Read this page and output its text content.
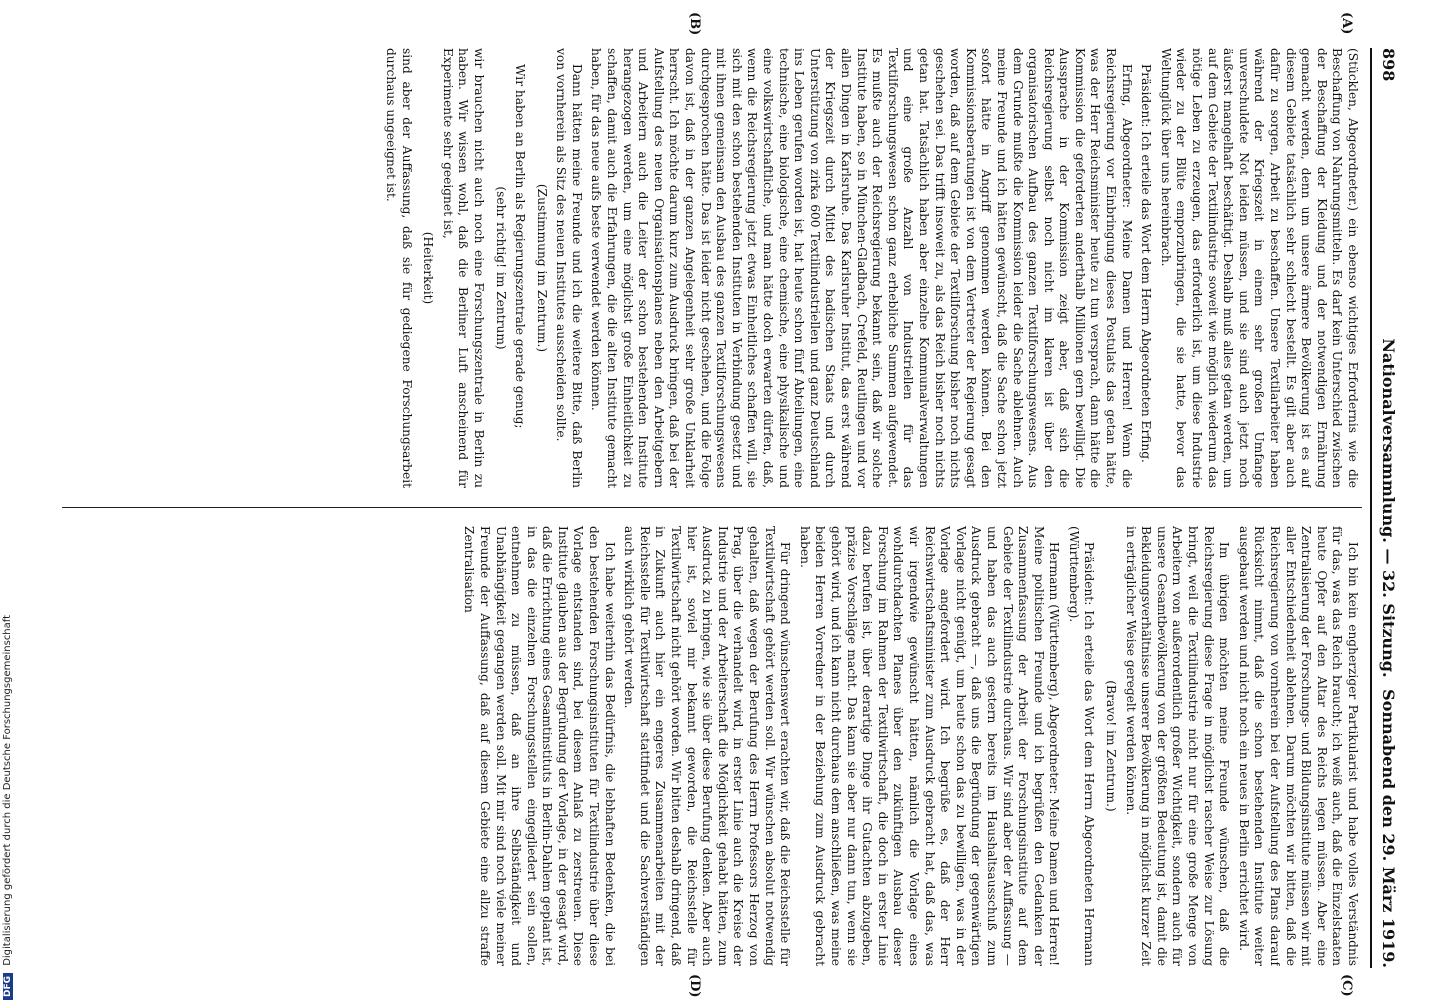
DFG Digitalisierung gefördert durch die Deutsche Forschungsgemeinschaft
898
Nationalversammlung. — 32. Sitzung.
Sonnabend den 29. März 1919.
(A)
(B)
(C)
(D)

(Stücklen, Abgeordneter.) ein ebenso wichtiges Erfordernis wie die Beschaffung von Nahrungsmitteln. Es darf kein Unterschied zwischen der Beschaffung der Kleidung und der notwendigen Ernährung gemacht werden, denn um unsere ärmere Bevölkerung ist es auf diesem Gebiete tatsächlich sehr schlecht bestellt. Es gilt aber auch dafür zu sorgen, Arbeit zu beschaffen. Unsere Textilarbeiter haben während der Kriegszeit in einem sehr großen Umfange unverschuldete Not leiden müssen, und sie sind auch jetzt noch äußerst mangelhaft beschäftigt. Deshalb muß alles getan werden, um auf dem Gebiete der Textilindustrie soweit wie möglich wiederum das nötige Leben zu erzeugen, das erforderlich ist, um diese Industrie wieder zu der Blüte emporzubringen, die sie hatte, bevor das Weltunglück über uns hereinbrach.

Präsident: Ich erteile das Wort dem Herrn Abgeordneten Erfing.

Erfing, Abgeordneter: Meine Damen und Herren! Wenn die Reichsregierung vor Einbringung dieses Postulats das getan hätte, was der Herr Reichsminister heute zu tun versprach, dann hätte die Kommission die geforderten anderthalb Millionen gern bewilligt. Die Aussprache in der Kommission zeigt aber, daß sich die Reichsregierung selbst noch nicht im klaren ist über den organisatorischen Aufbau des ganzen Textilforschungswesens. Aus dem Grunde mußte die Kommission leider die Sache ablehnen. Auch meine Freunde und ich hätten gewünscht, daß die Sache schon jetzt sofort hätte in Angriff genommen werden können. Bei den Kommissionsberatungen ist von dem Vertreter der Regierung gesagt worden, daß auf dem Gebiete der Textilforschung bisher noch nichts geschehen sei. Das trifft insoweit zu, als das Reich bisher noch nichts getan hat. Tatsächlich haben aber einzelne Kommunalverwaltungen und eine große Anzahl von Industriellen für das Textilforschungswesen schon ganz erhebliche Summen aufgewendet. Es mußte auch der Reichsregierung bekannt sein, daß wir solche Institute haben, so in München-Gladbach, Crefeld, Reutlingen und vor allen Dingen in Karlsruhe. Das Karlsruher Institut, das erst während der Kriegszeit durch Mittel des badischen Staats und durch Unterstützung von zirka 600 Textilindustriellen und ganz Deutschland ins Leben gerufen worden ist, hat heute schon fünf Abteilungen, eine technische, eine biologische, eine chemische, eine physikalische und eine volkswirtschaftliche, und man hätte doch erwarten dürfen, daß, wenn die Reichsregierung jetzt etwas Einheitliches schaffen will, sie sich mit den schon bestehenden Instituten in Verbindung gesetzt und mit ihnen gemeinsam den Ausbau des ganzen Textilforschungswesens durchgesprochen hätte. Das ist leider nicht geschehen, und die Folge davon ist, daß in der ganzen Angelegenheit sehr große Unklarheit herrscht. Ich möchte darum kurz zum Ausdruck bringen, daß bei der Aufstellung des neuen Organisationsplanes neben den Arbeitgebern und Arbeitern auch die Leiter der schon bestehenden Institute herangezogen werden, um eine möglichst große Einheitlichkeit zu schaffen, damit auch die Erfahrungen, die die alten Institute gemacht haben, für das neue aufs beste verwendet werden können.

Dann hätten meine Freunde und ich die weitere Bitte, daß Berlin von vornherein als Sitz des neuen Institutes ausscheiden sollte.

(Zustimmung im Zentrum.)

Wir haben an Berlin als Regierungszentrale gerade genug;

(sehr richtig! im Zentrum)

wir brauchen nicht auch noch eine Forschungszentrale in Berlin zu haben. Wir wissen wohl, daß die Berliner Luft anscheinend für Experimente sehr geeignet ist,

(Heiterkeit)

sind aber der Auffassung, daß sie für gediegene Forschungsarbeit durchaus ungeeignet ist.

Ich bin kein engherziger Partikularist und habe volles Verständnis für das, was das Reich braucht; ich weiß auch, daß die Einzelstaaten heute Opfer auf den Altar des Reichs legen müssen. Aber eine Zentralisierung der Forschungs- und Bildungsinstitute müssen wir mit aller Entschiedenheit ablehnen. Darum möchten wir bitten, daß die Reichsregierung von vornherein bei der Aufstellung des Plans darauf Rücksicht nimmt, daß die schon bestehenden Institute weiter ausgebaut werden und nicht noch ein neues in Berlin errichtet wird.

Im übrigen möchten meine Freunde wünschen, daß die Reichsregierung diese Frage in möglichst rascher Weise zur Lösung bringt, weil die Textilindustrie nicht nur für eine große Menge von Arbeitern von außerordentlich großer Wichtigkeit, sondern auch für unsere Gesamtbevölkerung von der größten Bedeutung ist, damit die Bekleidungsverhältnisse unserer Bevölkerung in möglichst kurzer Zeit in erträglicher Weise geregelt werden können.

(Bravo! im Zentrum.)

Präsident: Ich erteile das Wort dem Herrn Abgeordneten Hermann (Württemberg).

Hermann (Württemberg), Abgeordneter: Meine Damen und Herren! Meine politischen Freunde und ich begrüßen den Gedanken der Zusammenfassung der Arbeit der Forschungsinstitute auf dem Gebiete der Textilindustrie durchaus. Wir sind aber der Auffassung — und haben das auch gestern bereits im Haushaltsausschuß zum Ausdruck gebracht —, daß uns die Begründung der gegenwärtigen Vorlage nicht genügt, um heute schon das zu bewilligen, was in der Vorlage angefordert wird. Ich begrüße es, daß der Herr Reichswirtschaftsminister zum Ausdruck gebracht hat, daß das, was wir irgendwie gewünscht hätten, nämlich die Vorlage eines wohldurchdachten Planes über den zukünftigen Ausbau dieser Forschung im Rahmen der Textilwirtschaft, die doch in erster Linie dazu berufen ist, über derartige Dinge ihr Gutachten abzugeben, präzise Vorschläge macht. Das kann sie aber nur dann tun, wenn sie gehört wird, und ich kann nicht durchaus dem anschließen, was meine beiden Herren Vorredner in der Beziehung zum Ausdruck gebracht haben.

Für dringend wünschenswert erachten wir, daß die Reichsstelle für Textilwirtschaft gehört werden soll. Wir wünschen absolut notwendig gehalten, daß wegen der Berufung des Herrn Professors Herzog von Prag, über die verhandelt wird, in erster Linie auch die Kreise der Industrie und der Arbeiterschaft die Möglichkeit gehabt hätten, zum Ausdruck zu bringen, wie sie über diese Berufung denken. Aber auch hier ist, soviel mir bekannt geworden, die Reichsstelle für Textilwirtschaft nicht gehört worden. Wir bitten deshalb dringend, daß in Zukunft auch hier ein engeres Zusammenarbeiten mit der Reichsstelle für Textilwirtschaft stattfindet und die Sachverständigen auch wirklich gehört werden.

Ich habe weiterhin das Bedürfnis, die lebhaften Bedenken, die bei den bestehenden Forschungsinstituten für Textilindustrie über diese Vorlage entstanden sind, bei diesem Anlaß zu zerstreuen. Diese Institute glauben aus der Begründung der Vorlage, in der gesagt wird, daß die Errichtung eines Gesamtinstituts in Berlin-Dahlem geplant ist, in das die einzelnen Forschungsstellen eingegliedert sein sollen, entnehmen zu müssen, daß an ihre Selbständigkeit und Unabhängigkeit gegangen werden soll. Mit mir sind noch viele meiner Freunde der Auffassung, daß auf diesem Gebiete eine allzu straffe Zentralisation
